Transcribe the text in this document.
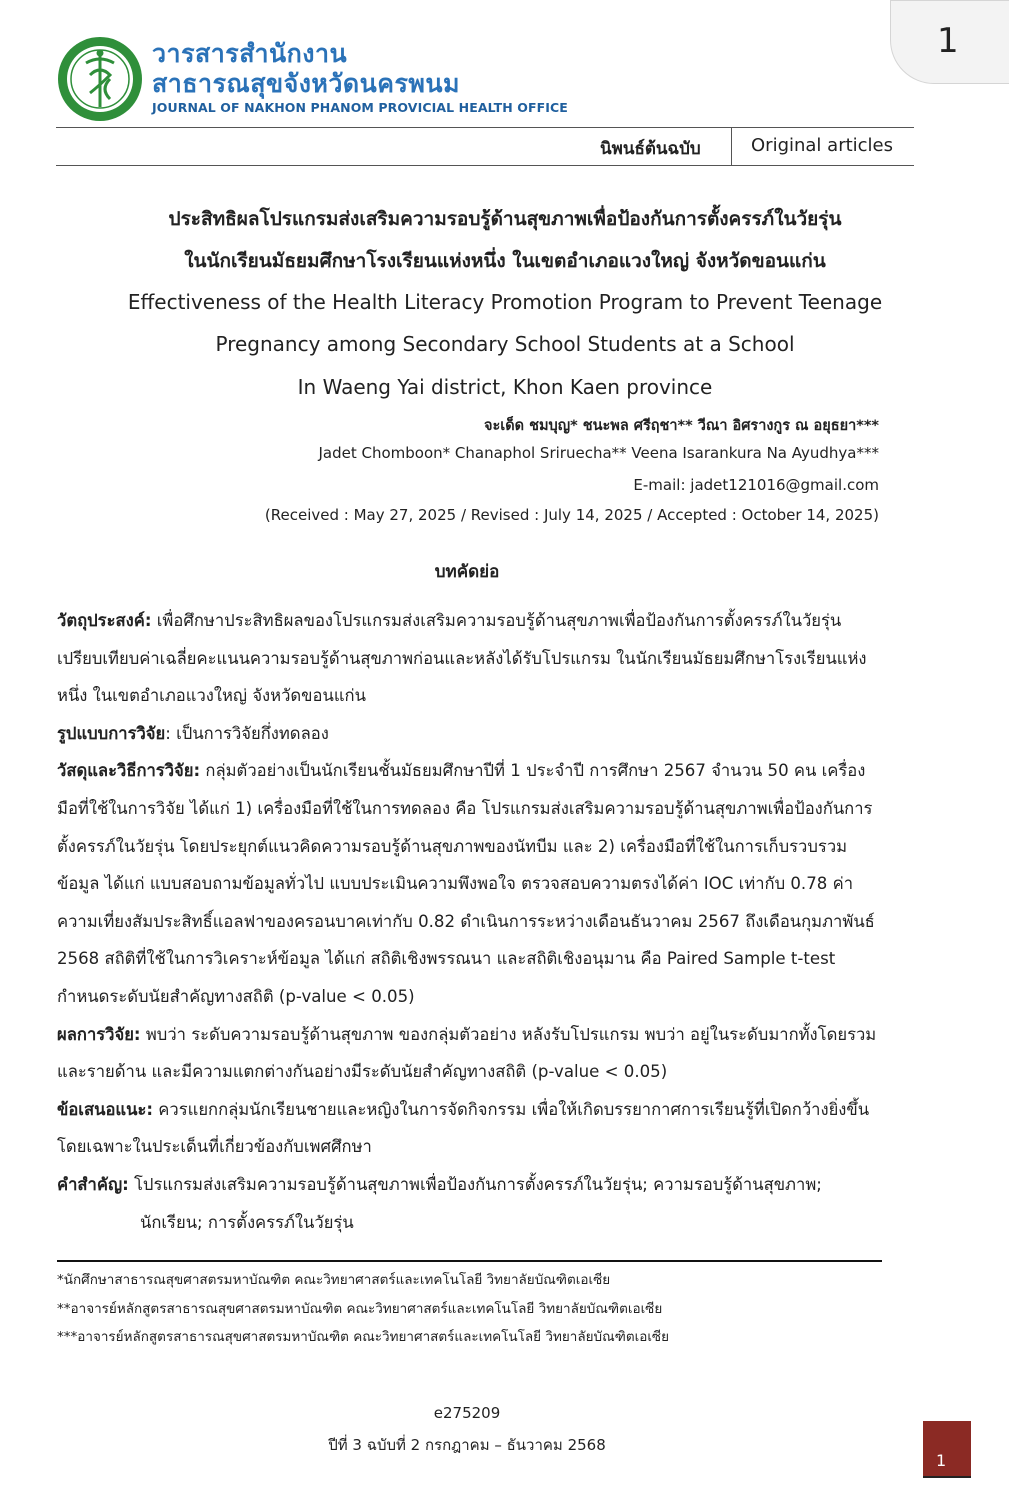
1
วารสารสำนักงาน
สาธารณสุขจังหวัดนครพนม
JOURNAL OF NAKHON PHANOM PROVICIAL HEALTH OFFICE
นิพนธ์ต้นฉบับ	Original articles
ประสิทธิผลโปรแกรมส่งเสริมความรอบรู้ด้านสุขภาพเพื่อป้องกันการตั้งครรภ์ในวัยรุ่น
ในนักเรียนมัธยมศึกษาโรงเรียนแห่งหนึ่ง ในเขตอำเภอแวงใหญ่ จังหวัดขอนแก่น
Effectiveness of the Health Literacy Promotion Program to Prevent Teenage
Pregnancy among Secondary School Students at a School
In Waeng Yai district, Khon Kaen province
จะเด็ด ชมบุญ* ชนะพล ศรีฤชา** วีณา อิศรางกูร ณ อยุธยา***
Jadet Chomboon* Chanaphol Sriruecha** Veena Isarankura Na Ayudhya***
E-mail: jadet121016@gmail.com
(Received : May 27, 2025 / Revised : July 14, 2025 / Accepted : October 14, 2025)
บทคัดย่อ

วัตถุประสงค์: เพื่อศึกษาประสิทธิผลของโปรแกรมส่งเสริมความรอบรู้ด้านสุขภาพเพื่อป้องกันการตั้งครรภ์ในวัยรุ่น เปรียบเทียบค่าเฉลี่ยคะแนนความรอบรู้ด้านสุขภาพก่อนและหลังได้รับโปรแกรม ในนักเรียนมัธยมศึกษาโรงเรียนแห่งหนึ่ง ในเขตอำเภอแวงใหญ่ จังหวัดขอนแก่น

รูปแบบการวิจัย: เป็นการวิจัยกึ่งทดลอง

วัสดุและวิธีการวิจัย: กลุ่มตัวอย่างเป็นนักเรียนชั้นมัธยมศึกษาปีที่ 1 ประจำปี การศึกษา 2567 จำนวน 50 คน เครื่องมือที่ใช้ในการวิจัย ได้แก่ 1) เครื่องมือที่ใช้ในการทดลอง คือ โปรแกรมส่งเสริมความรอบรู้ด้านสุขภาพเพื่อป้องกันการตั้งครรภ์ในวัยรุ่น โดยประยุกต์แนวคิดความรอบรู้ด้านสุขภาพของนัทบีม และ 2) เครื่องมือที่ใช้ในการเก็บรวบรวมข้อมูล ได้แก่ แบบสอบถามข้อมูลทั่วไป แบบประเมินความพึงพอใจ ตรวจสอบความตรงได้ค่า IOC เท่ากับ 0.78 ค่าความเที่ยงสัมประสิทธิ์แอลฟาของครอนบาคเท่ากับ 0.82 ดำเนินการระหว่างเดือนธันวาคม 2567 ถึงเดือนกุมภาพันธ์ 2568 สถิติที่ใช้ในการวิเคราะห์ข้อมูล ได้แก่ สถิติเชิงพรรณนา และสถิติเชิงอนุมาน คือ Paired Sample t-test กำหนดระดับนัยสำคัญทางสถิติ (p-value < 0.05)

ผลการวิจัย: พบว่า ระดับความรอบรู้ด้านสุขภาพ ของกลุ่มตัวอย่าง หลังรับโปรแกรม พบว่า อยู่ในระดับมากทั้งโดยรวมและรายด้าน และมีความแตกต่างกันอย่างมีระดับนัยสำคัญทางสถิติ (p-value < 0.05)

ข้อเสนอแนะ: ควรแยกกลุ่มนักเรียนชายและหญิงในการจัดกิจกรรม เพื่อให้เกิดบรรยากาศการเรียนรู้ที่เปิดกว้างยิ่งขึ้น โดยเฉพาะในประเด็นที่เกี่ยวข้องกับเพศศึกษา

คำสำคัญ: โปรแกรมส่งเสริมความรอบรู้ด้านสุขภาพเพื่อป้องกันการตั้งครรภ์ในวัยรุ่น; ความรอบรู้ด้านสุขภาพ;

นักเรียน; การตั้งครรภ์ในวัยรุ่น

*นักศึกษาสาธารณสุขศาสตรมหาบัณฑิต คณะวิทยาศาสตร์และเทคโนโลยี วิทยาลัยบัณฑิตเอเซีย
**อาจารย์หลักสูตรสาธารณสุขศาสตรมหาบัณฑิต คณะวิทยาศาสตร์และเทคโนโลยี วิทยาลัยบัณฑิตเอเซีย
***อาจารย์หลักสูตรสาธารณสุขศาสตรมหาบัณฑิต คณะวิทยาศาสตร์และเทคโนโลยี วิทยาลัยบัณฑิตเอเซีย
e275209
ปีที่ 3 ฉบับที่ 2 กรกฎาคม – ธันวาคม 2568
1
